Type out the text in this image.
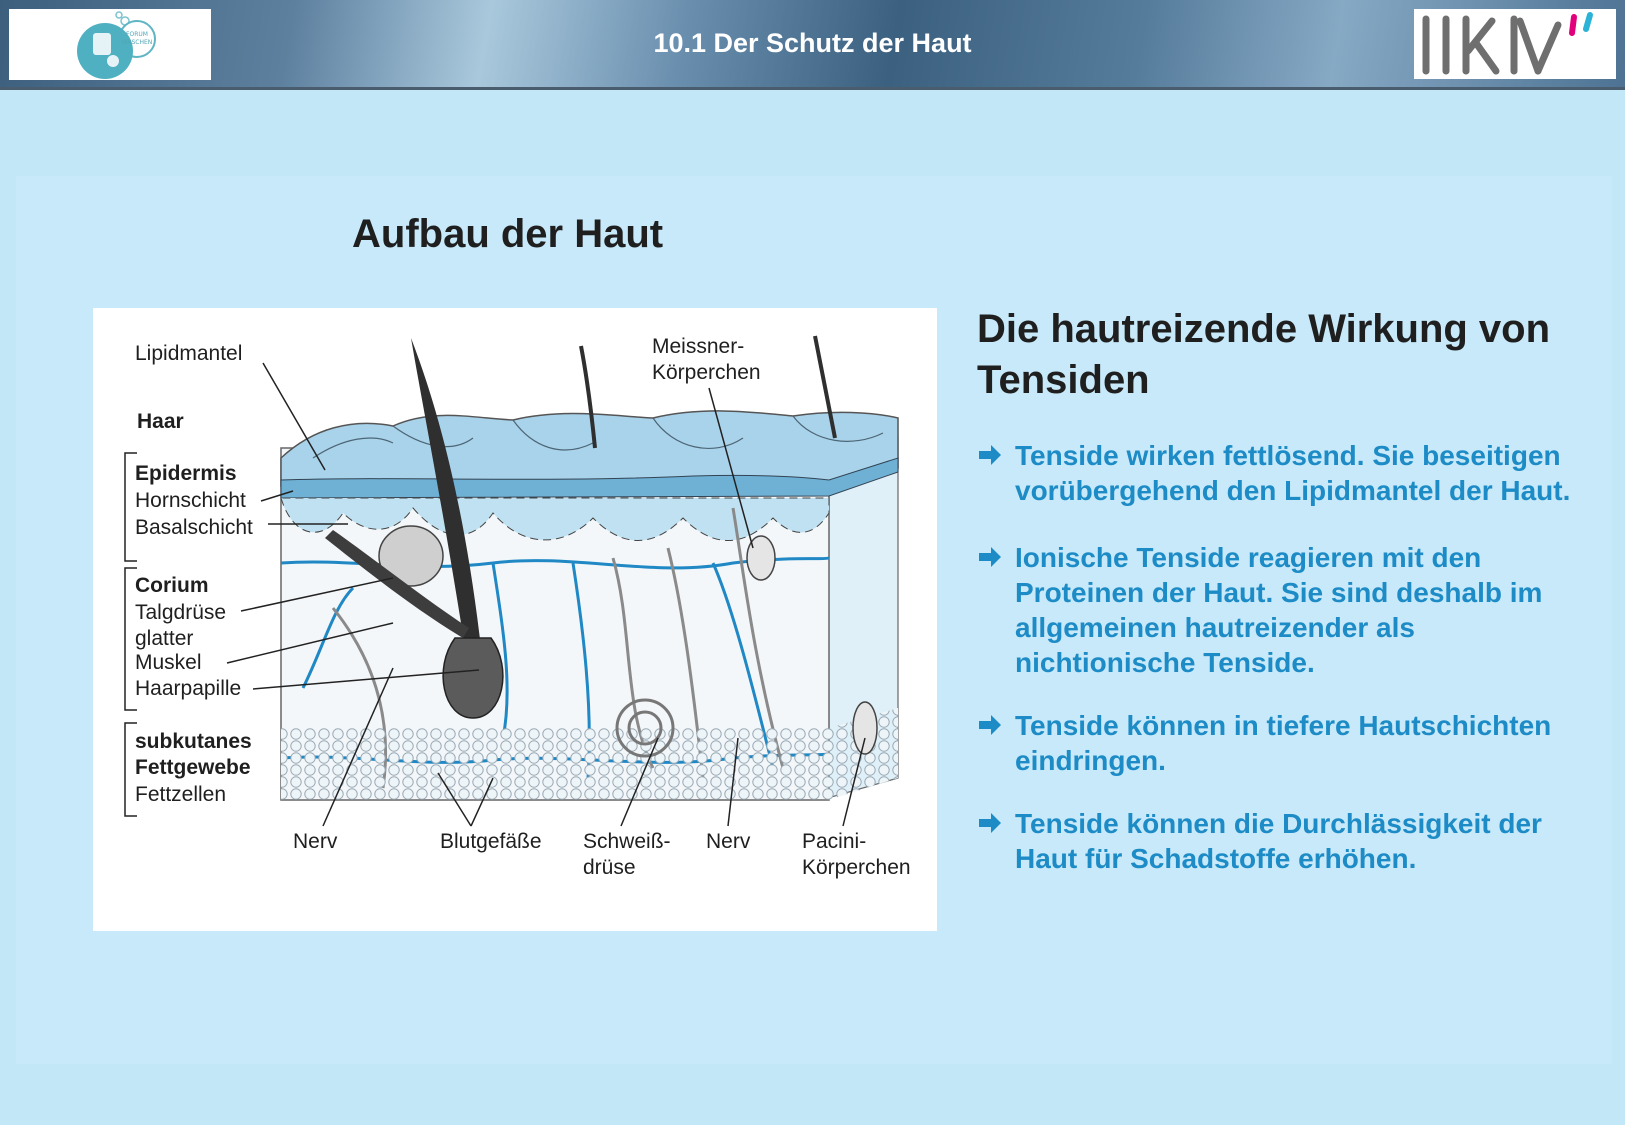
FORUM
WASCHEN	10.1 Der Schutz der Haut
Aufbau der Haut
Lipidmantel
Haar
Epidermis
Hornschicht
Basalschicht
Corium
Talgdrüse
glatter
Muskel
Haarpapille
subkutanes
Fettgewebe
Fettzellen
Nerv	Blutgefäße Schweiß-
drüse
Nerv Pacini-
Körperchen
Meissner-
Körperchen
Die hautreizende Wirkung von Tensiden
Tenside wirken fettlösend. Sie beseitigen vorübergehend den Lipidmantel der Haut.
Ionische Tenside reagieren mit den Proteinen der Haut. Sie sind deshalb im allgemeinen hautreizender als nichtionische Tenside.
Tenside können in tiefere Hautschichten eindringen.
Tenside können die Durchlässigkeit der Haut für Schadstoffe erhöhen.
